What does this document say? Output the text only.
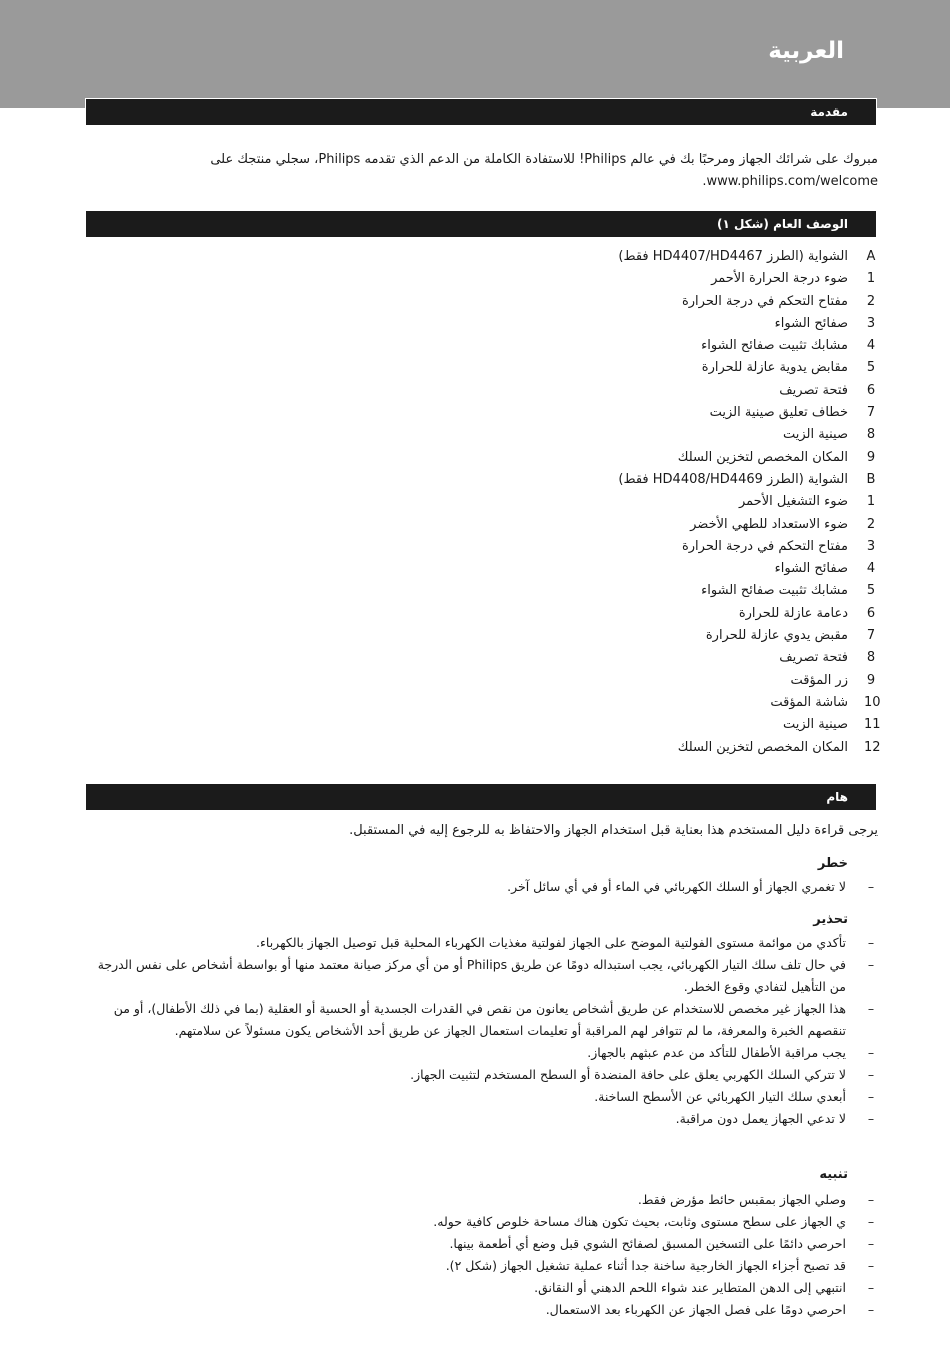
العربية
مقدمة

مبروك على شرائك الجهاز ومرحبًا بك في عالم Philips! للاستفادة الكاملة من الدعم الذي تقدمه Philips، سجلي منتجك على www.philips.com/welcome.

الوصف العام (شكل ١)
A
الشواية (الطرز HD4407/HD4467 فقط)
1
ضوء درجة الحرارة الأحمر
2
مفتاح التحكم في درجة الحرارة
3
صفائح الشواء
4
مشابك تثبيت صفائح الشواء
5
مقابض يدوية عازلة للحرارة
6
فتحة تصريف
7
خطاف تعليق صينية الزيت
8
صينية الزيت
9
المكان المخصص لتخزين السلك
B
الشواية (الطرز HD4408/HD4469 فقط)
1
ضوء التشغيل الأحمر
2
ضوء الاستعداد للطهي الأخضر
3
مفتاح التحكم في درجة الحرارة
4
صفائح الشواء
5
مشابك تثبيت صفائح الشواء
6
دعامة عازلة للحرارة
7
مقبض يدوي عازلة للحرارة
8
فتحة تصريف
9
زر المؤقت
10
شاشة المؤقت
11
صينية الزيت
12
المكان المخصص لتخزين السلك
هام

يرجى قراءة دليل المستخدم هذا بعناية قبل استخدام الجهاز والاحتفاظ به للرجوع إليه في المستقبل.

خطر
–
لا تغمري الجهاز أو السلك الكهربائي في الماء أو في أي سائل آخر.
تحذير
–
تأكدي من موائمة مستوى الفولتية الموضح على الجهاز لفولتية مغذيات الكهرباء المحلية قبل توصيل الجهاز بالكهرباء.
–
في حال تلف سلك التيار الكهربائي، يجب استبداله دومًا عن طريق Philips أو من أي مركز صيانة معتمد منها أو بواسطة أشخاص على نفس الدرجة من التأهيل لتفادي وقوع الخطر.
–
هذا الجهاز غير مخصص للاستخدام عن طريق أشخاص يعانون من نقص في القدرات الجسدية أو الحسية أو العقلية (بما في ذلك الأطفال)، أو من تنقصهم الخبرة والمعرفة، ما لم تتوافر لهم المراقبة أو تعليمات استعمال الجهاز عن طريق أحد الأشخاص يكون مسئولاً عن سلامتهم.
–
يجب مراقبة الأطفال للتأكد من عدم عبثهم بالجهاز.
–
لا تتركي السلك الكهربي يعلق على حافة المنضدة أو السطح المستخدم لتثبيت الجهاز.
–
أبعدي سلك التيار الكهربائي عن الأسطح الساخنة.
–
لا تدعي الجهاز يعمل دون مراقبة.
تنبيه
–
وصلي الجهاز بمقبس حائط مؤرض فقط.
–
ي الجهاز على سطح مستوى وثابت، بحيث تكون هناك مساحة خلوص كافية حوله.
–
احرصي دائمًا على التسخين المسبق لصفائح الشوي قبل وضع أي أطعمة بينها.
–
قد تصبح أجزاء الجهاز الخارجية ساخنة جدا أثناء عملية تشغيل الجهاز (شكل ٢).
–
انتبهي إلى الدهن المتطاير عند شواء اللحم الدهني أو النقانق.
–
احرصي دومًا على فصل الجهاز عن الكهرباء بعد الاستعمال.
